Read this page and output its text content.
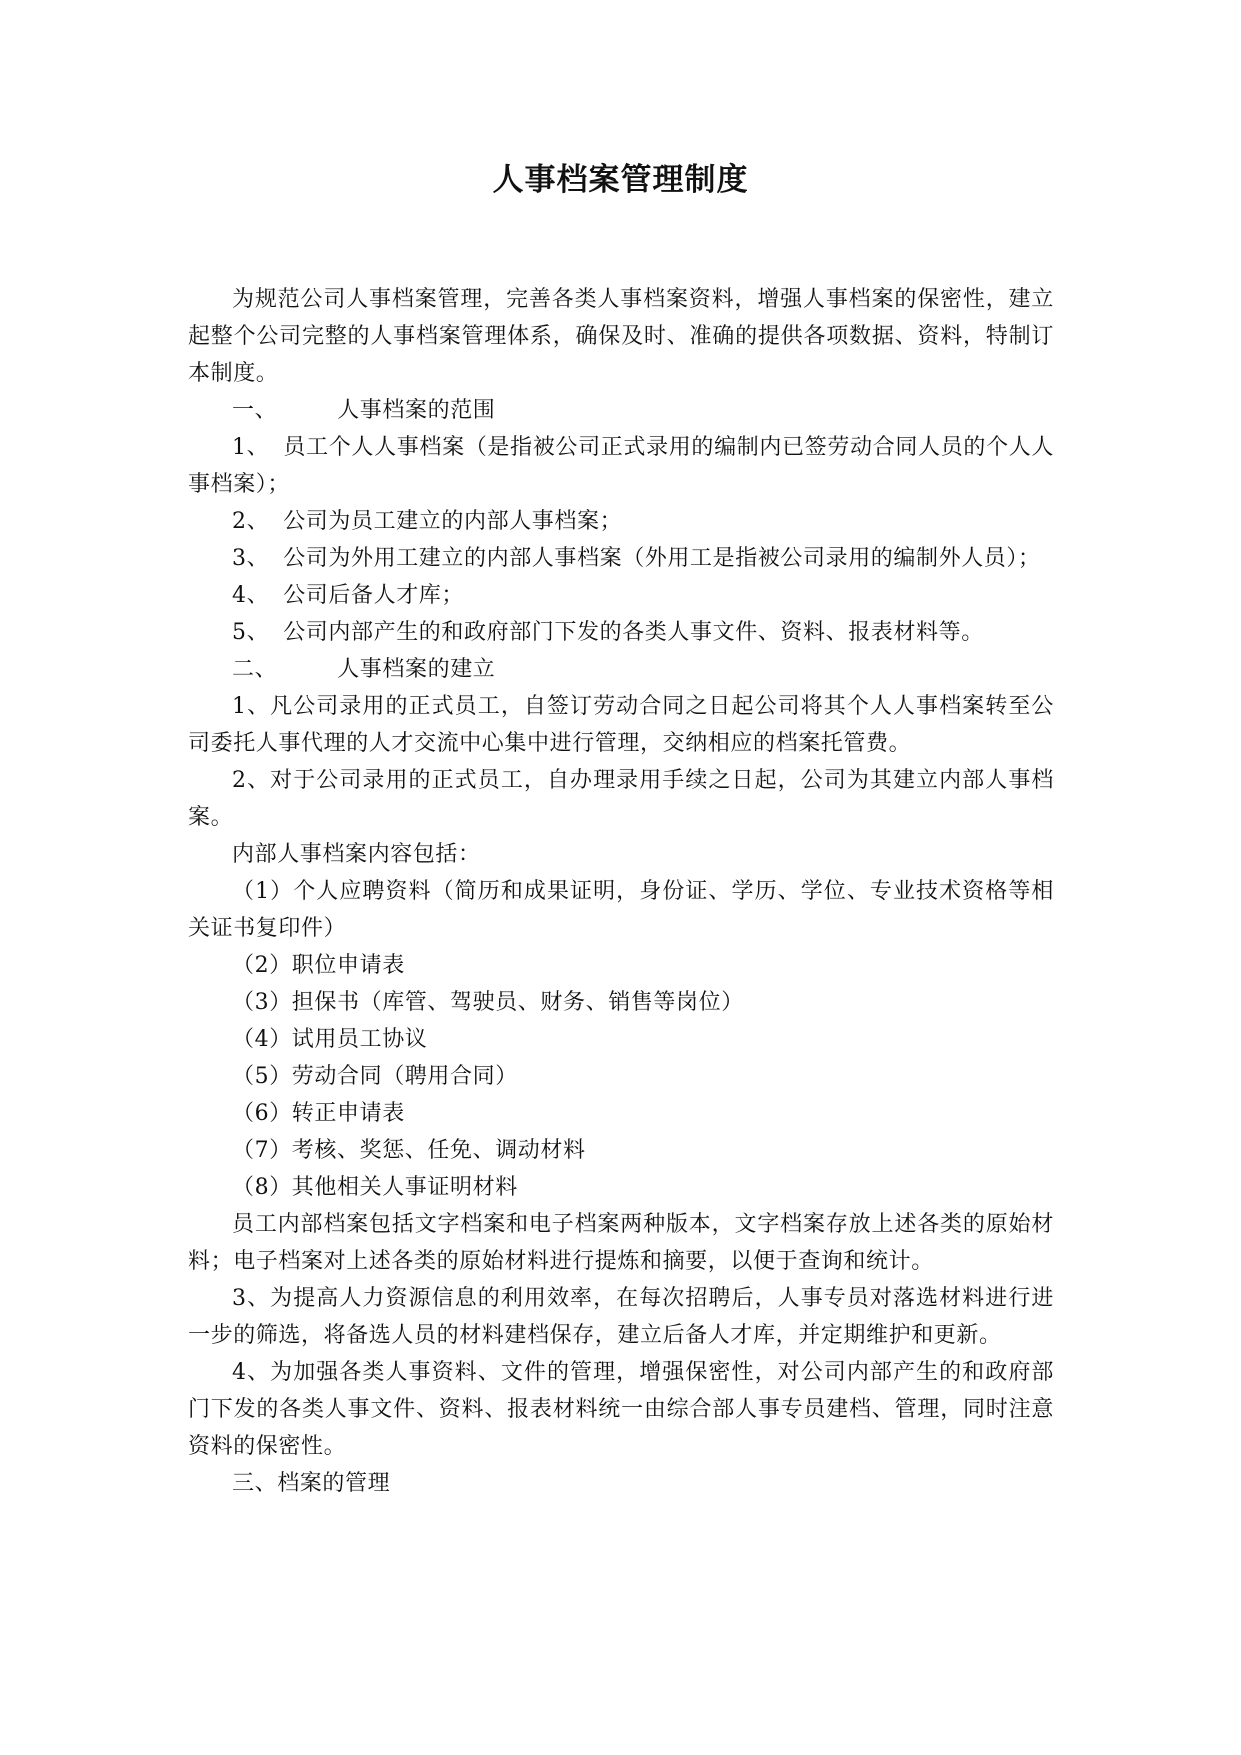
人事档案管理制度

为规范公司人事档案管理，完善各类人事档案资料，增强人事档案的保密性，建立起整个公司完整的人事档案管理体系，确保及时、准确的提供各项数据、资料，特制订本制度。

一、	人事档案的范围

1、 员工个人人事档案（是指被公司正式录用的编制内已签劳动合同人员的个人人事档案）；

2、 公司为员工建立的内部人事档案；

3、 公司为外用工建立的内部人事档案（外用工是指被公司录用的编制外人员）；

4、 公司后备人才库；

5、 公司内部产生的和政府部门下发的各类人事文件、资料、报表材料等。

二、	人事档案的建立

1、凡公司录用的正式员工，自签订劳动合同之日起公司将其个人人事档案转至公司委托人事代理的人才交流中心集中进行管理，交纳相应的档案托管费。

2、对于公司录用的正式员工，自办理录用手续之日起，公司为其建立内部人事档案。

内部人事档案内容包括：

（1）个人应聘资料（简历和成果证明，身份证、学历、学位、专业技术资格等相关证书复印件）

（2）职位申请表

（3）担保书（库管、驾驶员、财务、销售等岗位）

（4）试用员工协议

（5）劳动合同（聘用合同）

（6）转正申请表

（7）考核、奖惩、任免、调动材料

（8）其他相关人事证明材料

员工内部档案包括文字档案和电子档案两种版本，文字档案存放上述各类的原始材料；电子档案对上述各类的原始材料进行提炼和摘要，以便于查询和统计。

3、为提高人力资源信息的利用效率，在每次招聘后，人事专员对落选材料进行进一步的筛选，将备选人员的材料建档保存，建立后备人才库，并定期维护和更新。

4、为加强各类人事资料、文件的管理，增强保密性，对公司内部产生的和政府部门下发的各类人事文件、资料、报表材料统一由综合部人事专员建档、管理，同时注意资料的保密性。

三、档案的管理
